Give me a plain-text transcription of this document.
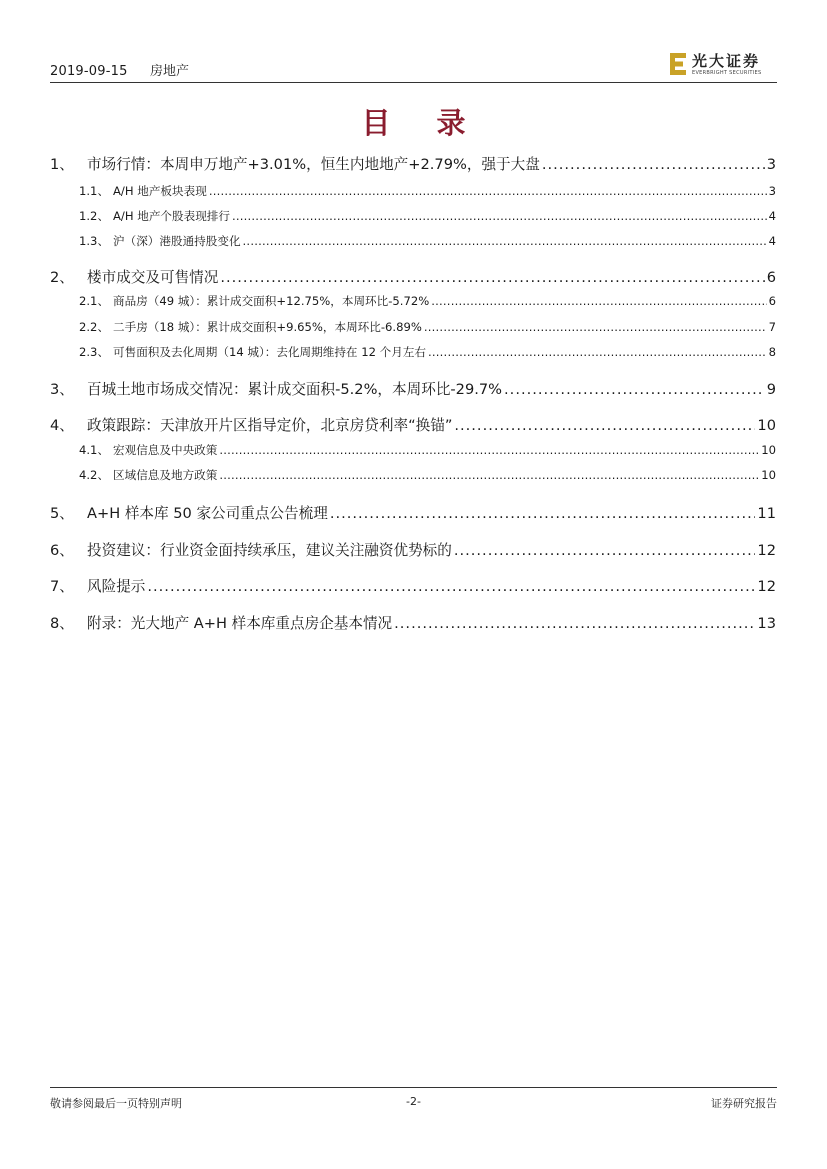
2019-09-15 房地产
光大证券
EVERBRIGHT SECURITIES
目 录
1、 市场行情：本周申万地产+3.01%，恒生内地地产+2.79%，强于大盘 .....	3
1.1、 A/H 地产板块表现 .....	3
1.2、 A/H 地产个股表现排行 .....	4
1.3、 沪（深）港股通持股变化 .....	4
2、 楼市成交及可售情况 .....	6
2.1、 商品房（49 城）：累计成交面积+12.75%，本周环比-5.72% .....	6
2.2、 二手房（18 城）：累计成交面积+9.65%，本周环比-6.89% .....	7
2.3、 可售面积及去化周期（14 城）：去化周期维持在 12 个月左右 .....	8
3、 百城土地市场成交情况：累计成交面积-5.2%，本周环比-29.7% .....	9
4、 政策跟踪：天津放开片区指导定价，北京房贷利率“换锚” .....	10
4.1、 宏观信息及中央政策 .....	10
4.2、 区域信息及地方政策 .....	10
5、 A+H 样本库 50 家公司重点公告梳理 .....	11
6、 投资建议：行业资金面持续承压，建议关注融资优势标的 .....	12
7、 风险提示 .....	12
8、 附录：光大地产 A+H 样本库重点房企基本情况 .....	13
敬请参阅最后一页特别声明	-2-	证券研究报告
